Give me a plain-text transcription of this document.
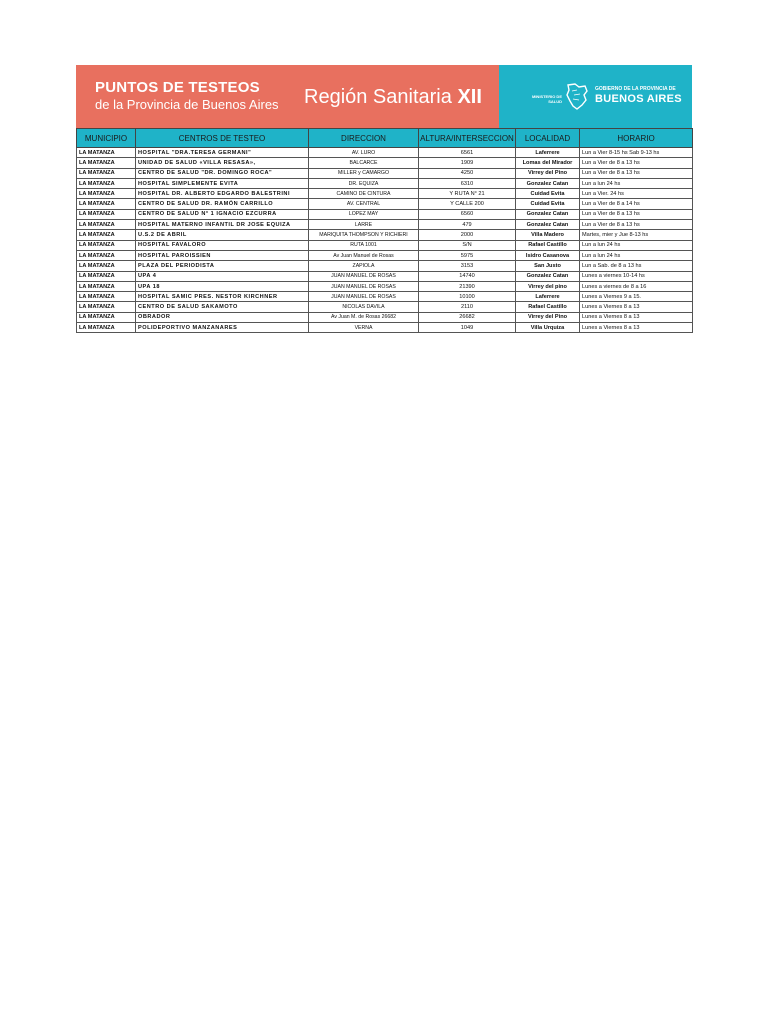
PUNTOS DE TESTEOS
de la Provincia de Buenos Aires Región Sanitaria XII	MINISTERIO DE
SALUD
GOBIERNO DE LA PROVINCIA DE
BUENOS AIRES
MUNICIPIO	CENTROS DE TESTEO	DIRECCION	ALTURA/INTERSECCION	LOCALIDAD	HORARIO
LA MATANZA	HOSPITAL "DRA.TERESA GERMANI"	AV. LURO	6561	Laferrere	Lun a Vier 8-15 hs Sab 9-13 hs
LA MATANZA	UNIDAD DE SALUD «VILLA RESASA»,	BALCARCE	1909	Lomas del Mirador	Lun a Vier de 8 a 13 hs
LA MATANZA	CENTRO DE SALUD "DR. DOMINGO ROCA"	MILLER y CAMARGO	4250	Virrey del Pino	Lun a Vier de 8 a 13 hs
LA MATANZA	HOSPITAL SIMPLEMENTE EVITA	DR. EQUIZA	6310	Gonzalez Catan	Lun a lun 24 hs
LA MATANZA	HOSPITAL DR. ALBERTO EDGARDO BALESTRINI	CAMINO DE CINTURA	Y RUTA N° 21	Cuidad Evita	Lun a Vier. 24 hs
LA MATANZA	CENTRO DE SALUD DR. RAMÓN CARRILLO	AV. CENTRAL	Y CALLE 200	Cuidad Evita	Lun a Vier de 8 a 14 hs
LA MATANZA	CENTRO DE SALUD N° 1 IGNACIO EZCURRA	LOPEZ MAY	6560	Gonzalez Catan	Lun a Vier de 8 a 13 hs
LA MATANZA	HOSPITAL MATERNO INFANTIL DR JOSE EQUIZA	LARRE	479	Gonzalez Catan	Lun a Vier de 8 a 13 hs
LA MATANZA	U.S.2 DE ABRIL	MARIQUITA THOMPSON Y RICHIERI	2000	Villa Madero	Martes, mier y Jue 8-13 hs
LA MATANZA	HOSPITAL FAVALORO	RUTA 1001	S/N	Rafael Castillo	Lun a lun 24 hs
LA MATANZA	HOSPITAL PAROISSIEN	Av Juan Manuel de Rosas	5975	Isidro Casanova	Lun a lun 24 hs
LA MATANZA	PLAZA DEL PERIODISTA	ZAPIOLA	3153	San Justo	Lun a Sab. de 8 a 13 hs
LA MATANZA	UPA 4	JUAN MANUEL DE ROSAS	14740	Gonzalez Catan	Lunes a viernes 10-14 hs
LA MATANZA	UPA 18	JUAN MANUEL DE ROSAS	21390	Virrey del pino	Lunes a viernes de 8 a 16
LA MATANZA	HOSPITAL SAMIC PRES. NESTOR KIRCHNER	JUAN MANUEL DE ROSAS	10100	Laferrere	Lunes a Viernes 9 a 15.
LA MATANZA	CENTRO DE SALUD SAKAMOTO	NICOLAS DAVILA	2110	Rafael Castillo	Lunes a Viernes 8 a 13
LA MATANZA	OBRADOR	Av Juan M. de Rosas 26682	26682	Virrey del Pino	Lunes a Viernes 8 a 13
LA MATANZA	POLIDEPORTIVO MANZANARES	VERNA	1049	Villa Urquiza	Lunes a Viernes 8 a 13
